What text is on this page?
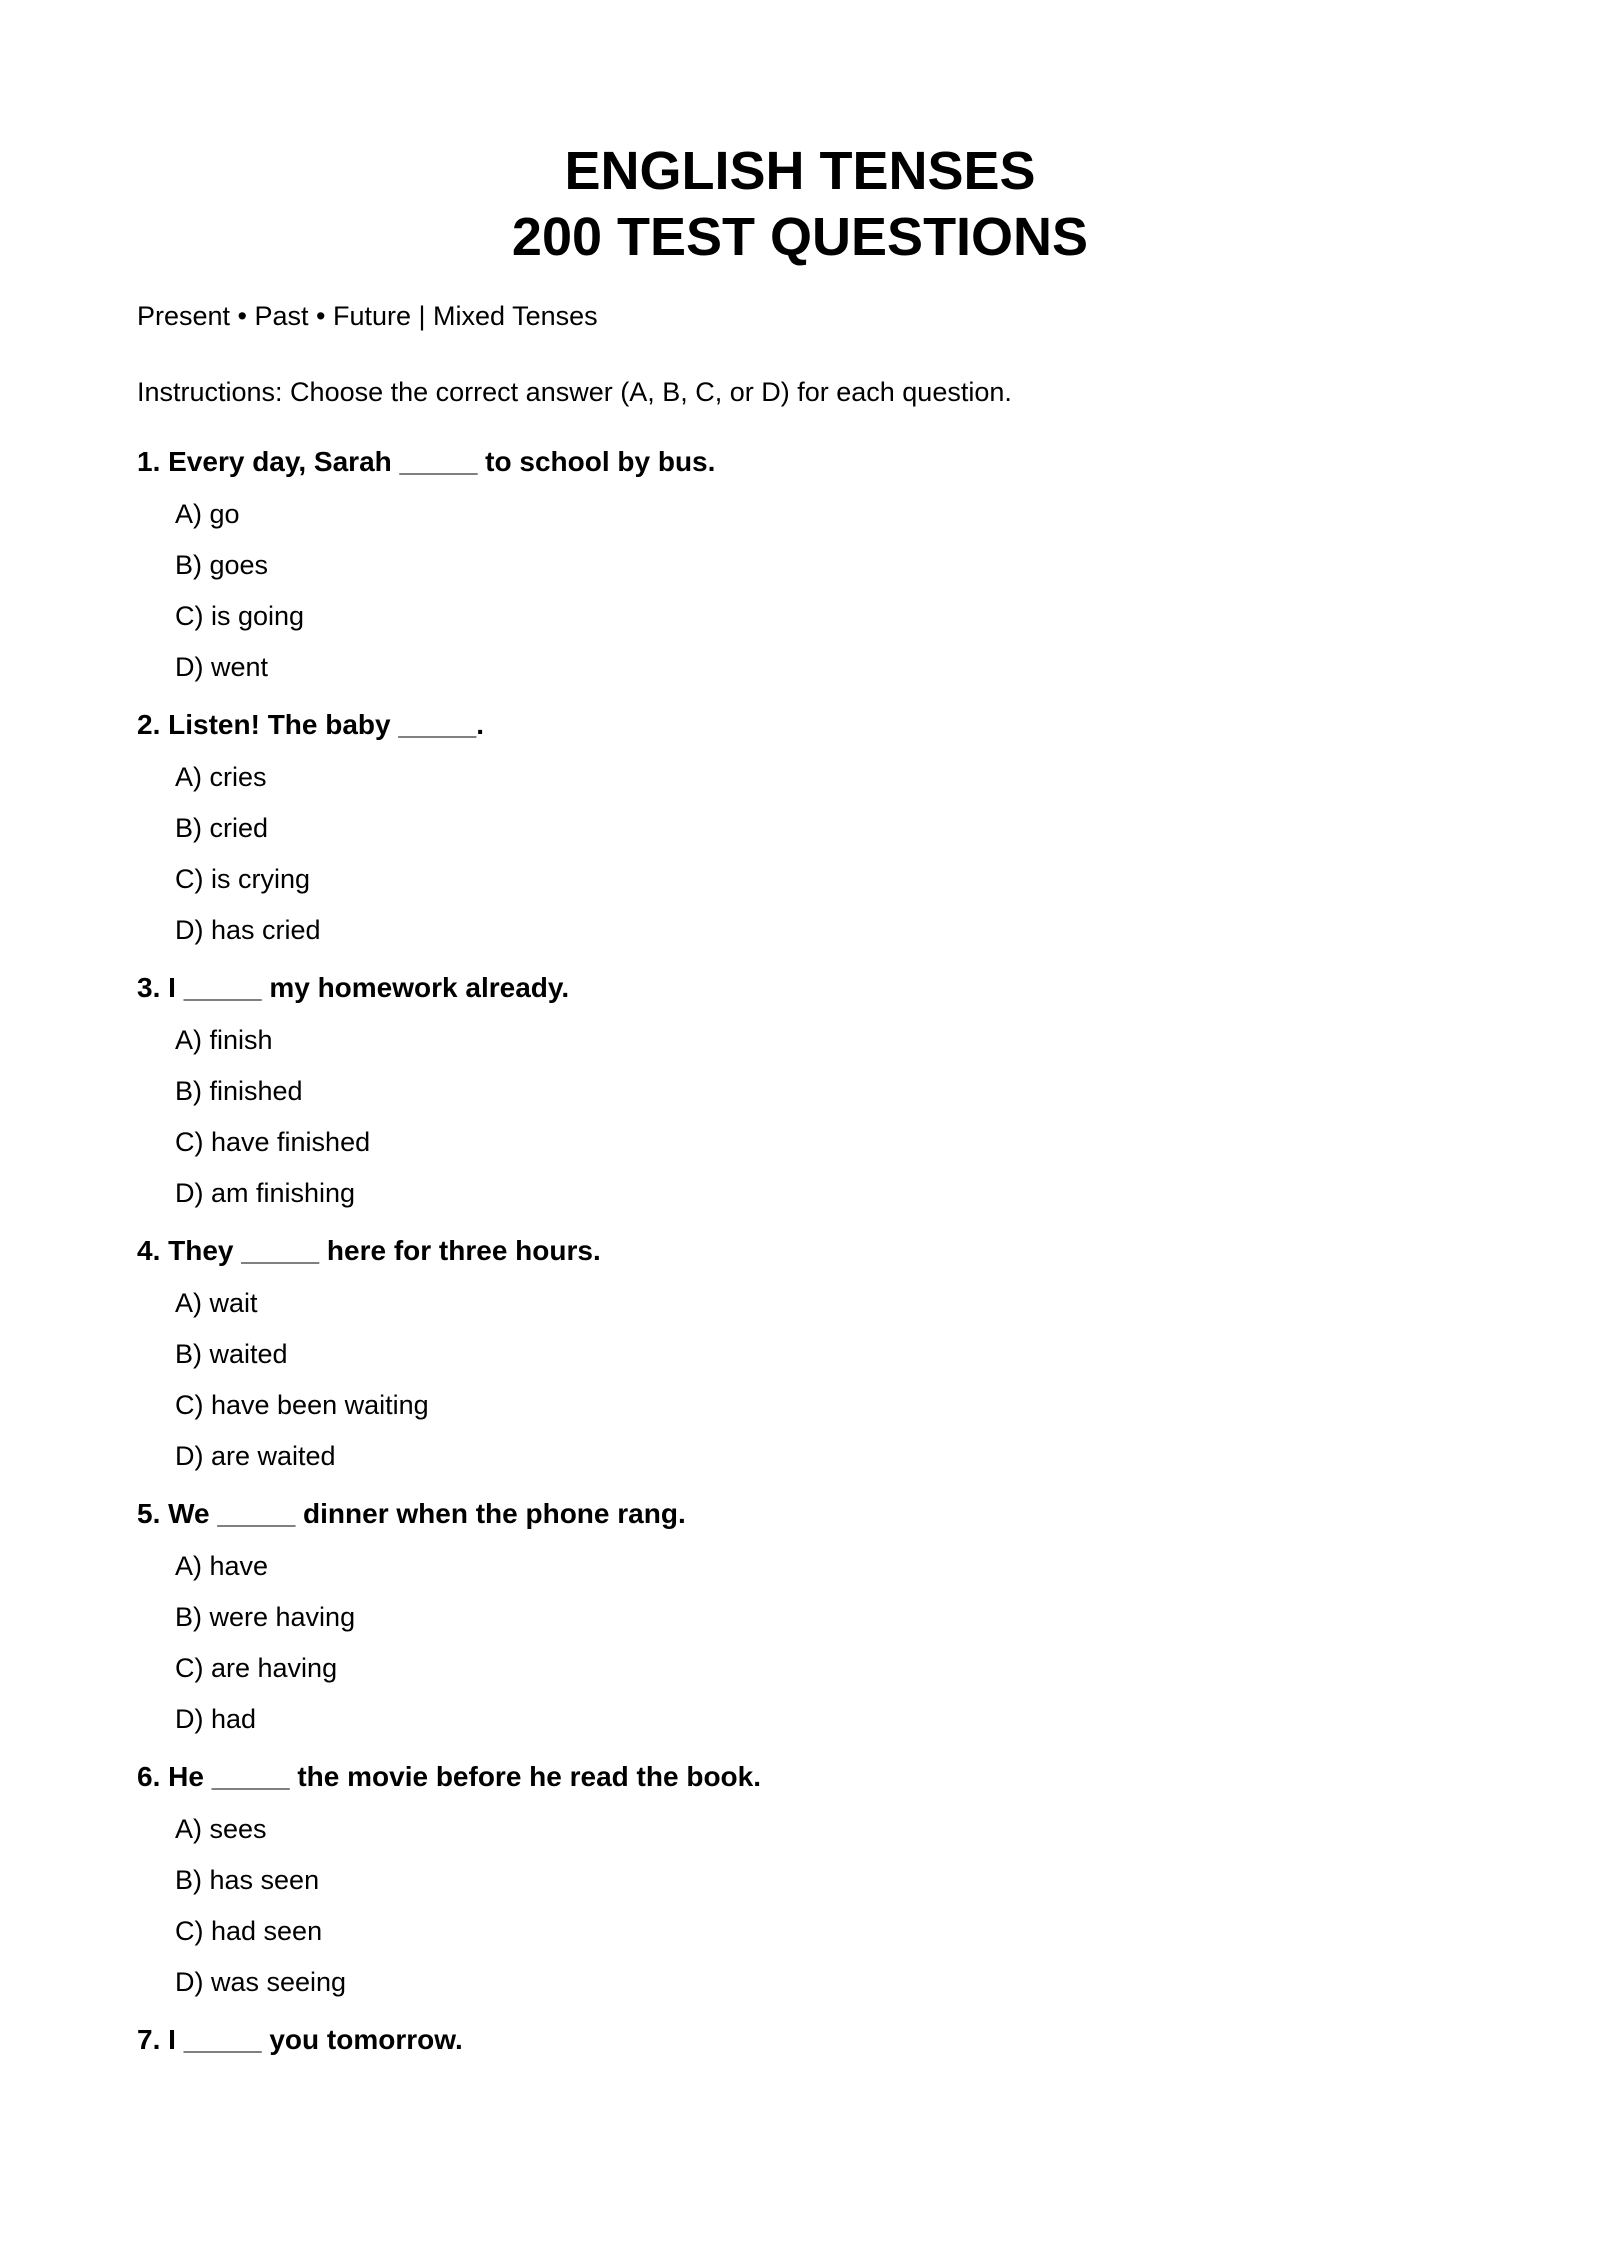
ENGLISH TENSES
200 TEST QUESTIONS

Present • Past • Future | Mixed Tenses

Instructions: Choose the correct answer (A, B, C, or D) for each question.

1. Every day, Sarah _____ to school by bus.

A) go
B) goes
C) is going
D) went

2. Listen! The baby _____.

A) cries
B) cried
C) is crying
D) has cried

3. I _____ my homework already.

A) finish
B) finished
C) have finished
D) am finishing

4. They _____ here for three hours.

A) wait
B) waited
C) have been waiting
D) are waited

5. We _____ dinner when the phone rang.

A) have
B) were having
C) are having
D) had

6. He _____ the movie before he read the book.

A) sees
B) has seen
C) had seen
D) was seeing

7. I _____ you tomorrow.
